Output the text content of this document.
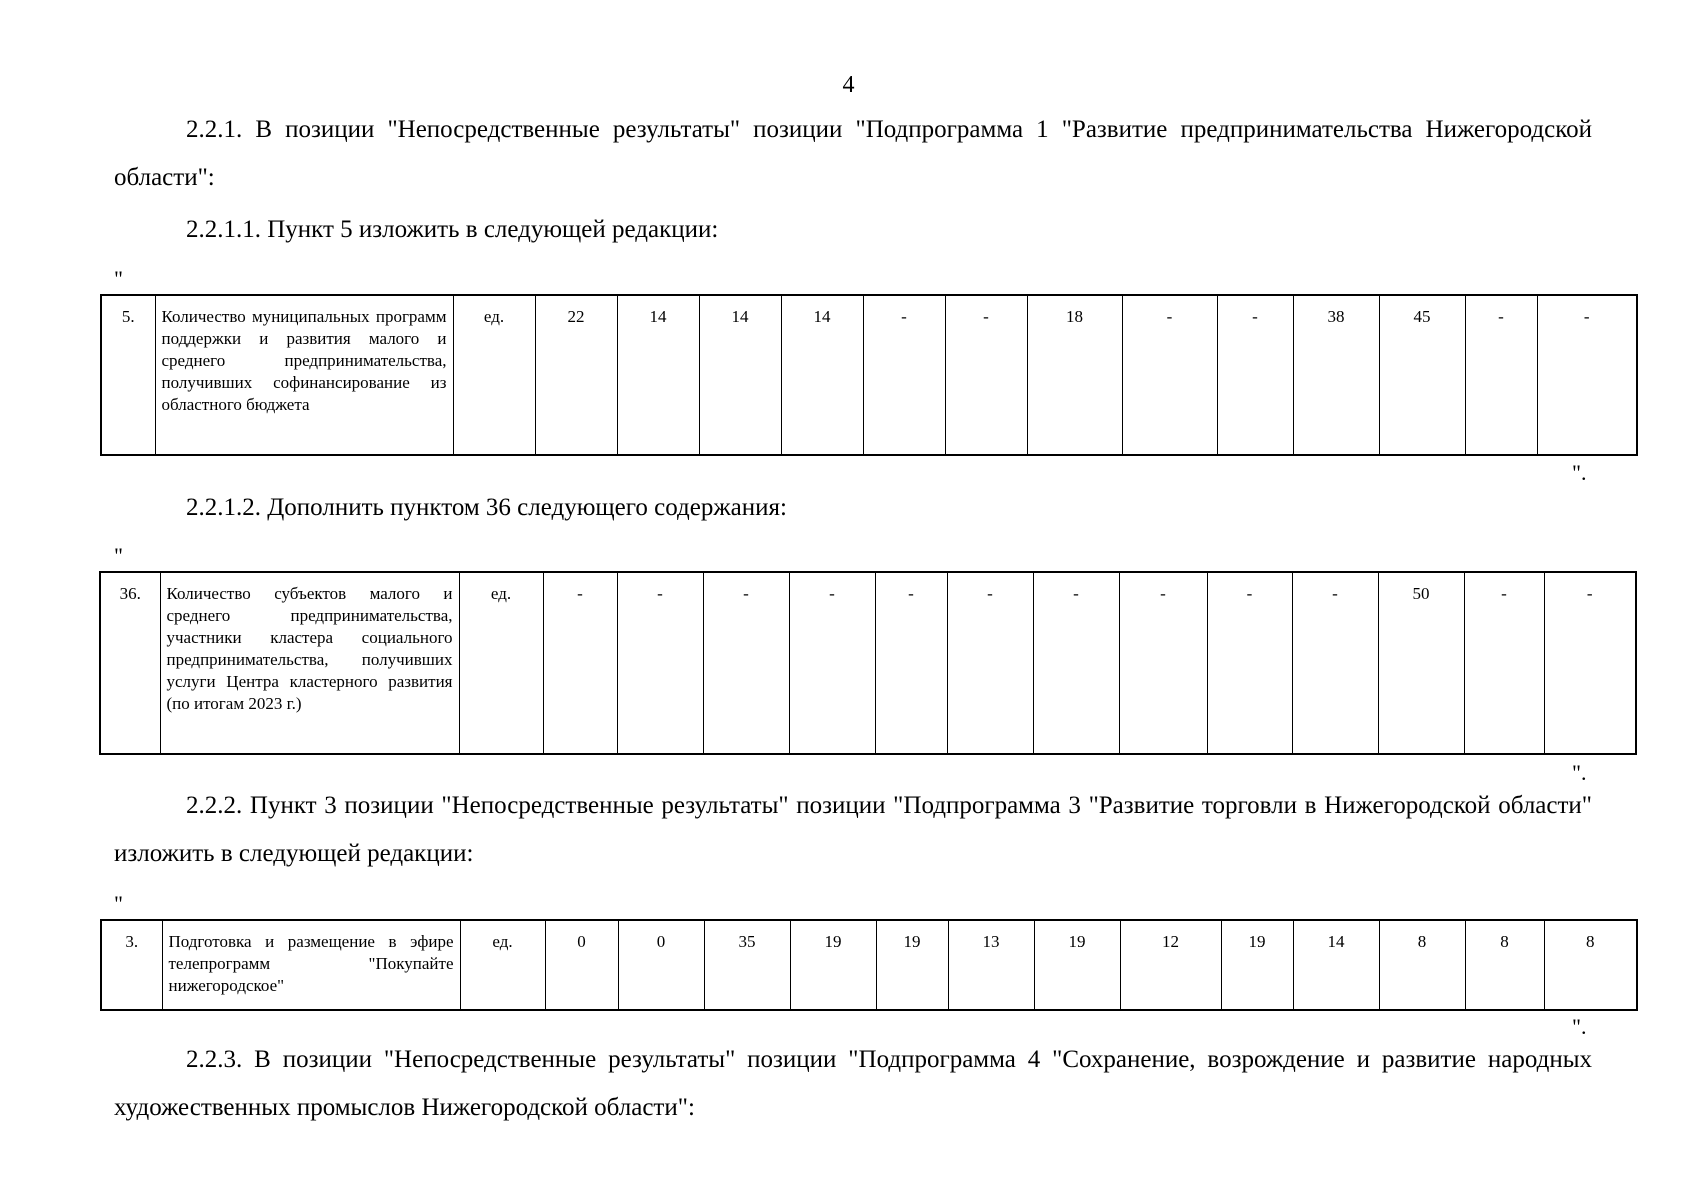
4

2.2.1. В позиции "Непосредственные результаты" позиции "Подпрограмма 1 "Развитие предпринимательства Нижегородской области":

2.2.1.1. Пункт 5 изложить в следующей редакции:

"
5.	Количество муниципальных программ поддержки и развития малого и среднего предпринимательства, получивших софинансирование из областного бюджета	ед.	22	14	14	14	-	-	18	-	-	38	45	-	-
".

2.2.1.2. Дополнить пунктом 36 следующего содержания:

"
36.	Количество субъектов малого и среднего предпринимательства, участники кластера социального предпринимательства, получивших услуги Центра кластерного развития (по итогам 2023 г.)	ед.	-	-	-	-	-	-	-	-	-	-	50	-	-
".

2.2.2. Пункт 3 позиции "Непосредственные результаты" позиции "Подпрограмма 3 "Развитие торговли в Нижегородской области" изложить в следующей редакции:

"
3.	Подготовка и размещение в эфире телепрограмм "Покупайте нижегородское"	ед.	0	0	35	19	19	13	19	12	19	14	8	8	8
".

2.2.3. В позиции "Непосредственные результаты" позиции "Подпрограмма 4 "Сохранение, возрождение и развитие народных художественных промыслов Нижегородской области":
